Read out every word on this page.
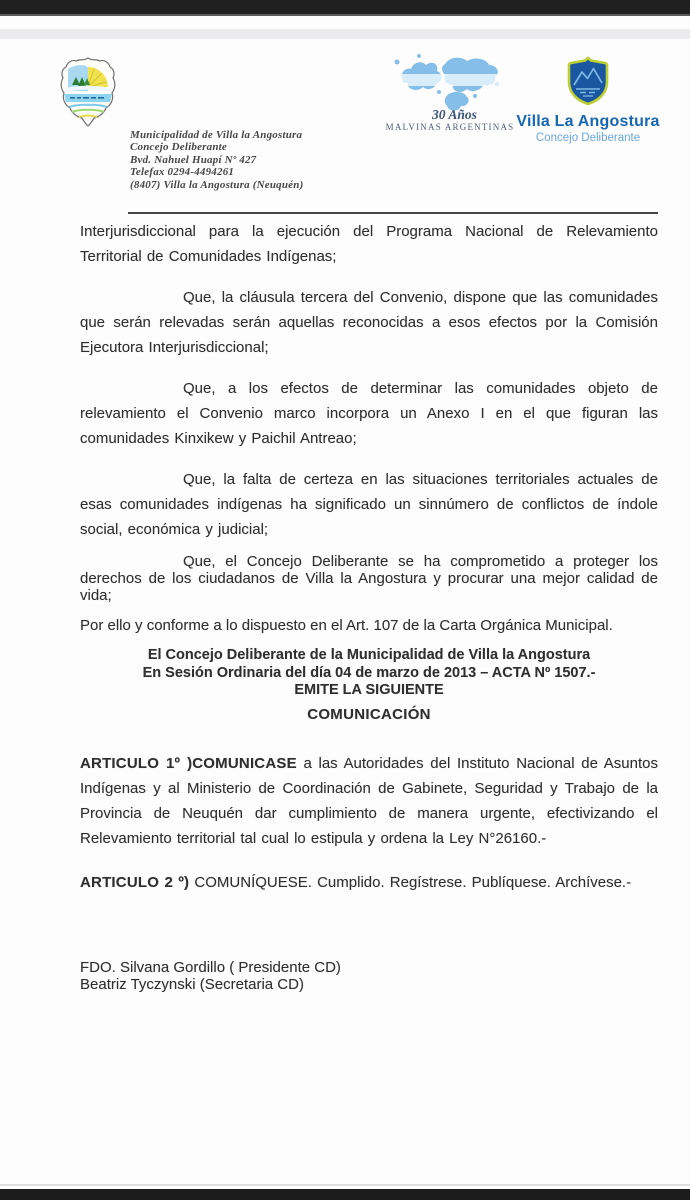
Municipalidad de Villa la Angostura
Concejo Deliberante
Bvd. Nahuel Huapí Nº 427
Telefax 0294-4494261
(8407) Villa la Angostura (Neuquén)
30 Años
MALVINAS ARGENTINAS Villa La Angostura
Concejo Deliberante

Interjurisdiccional para la ejecución del Programa Nacional de Relevamiento Territorial de Comunidades Indígenas;

Que, la cláusula tercera del Convenio, dispone que las comunidades que serán relevadas serán aquellas reconocidas a esos efectos por la Comisión Ejecutora Interjurisdiccional;

Que, a los efectos de determinar las comunidades objeto de relevamiento el Convenio marco incorpora un Anexo I en el que figuran las comunidades Kinxikew y Paichil Antreao;

Que, la falta de certeza en las situaciones territoriales actuales de esas comunidades indígenas ha significado un sinnúmero de conflictos de índole social, económica y judicial;

Que, el Concejo Deliberante se ha comprometido a proteger los derechos de los ciudadanos de Villa la Angostura y procurar una mejor calidad de vida;

Por ello y conforme a lo dispuesto en el Art. 107 de la Carta Orgánica Municipal.

El Concejo Deliberante de la Municipalidad de Villa la Angostura
En Sesión Ordinaria del día 04 de marzo de 2013 – ACTA Nº 1507.-
EMITE LA SIGUIENTE
COMUNICACIÓN

ARTICULO 1º )COMUNICASE a las Autoridades del Instituto Nacional de Asuntos Indígenas y al Ministerio de Coordinación de Gabinete, Seguridad y Trabajo de la Provincia de Neuquén dar cumplimiento de manera urgente, efectivizando el Relevamiento territorial tal cual lo estipula y ordena la Ley N°26160.-

ARTICULO 2 º) COMUNÍQUESE. Cumplido. Regístrese. Publíquese. Archívese.-

FDO. Silvana Gordillo ( Presidente CD)
Beatriz Tyczynski (Secretaria CD)
